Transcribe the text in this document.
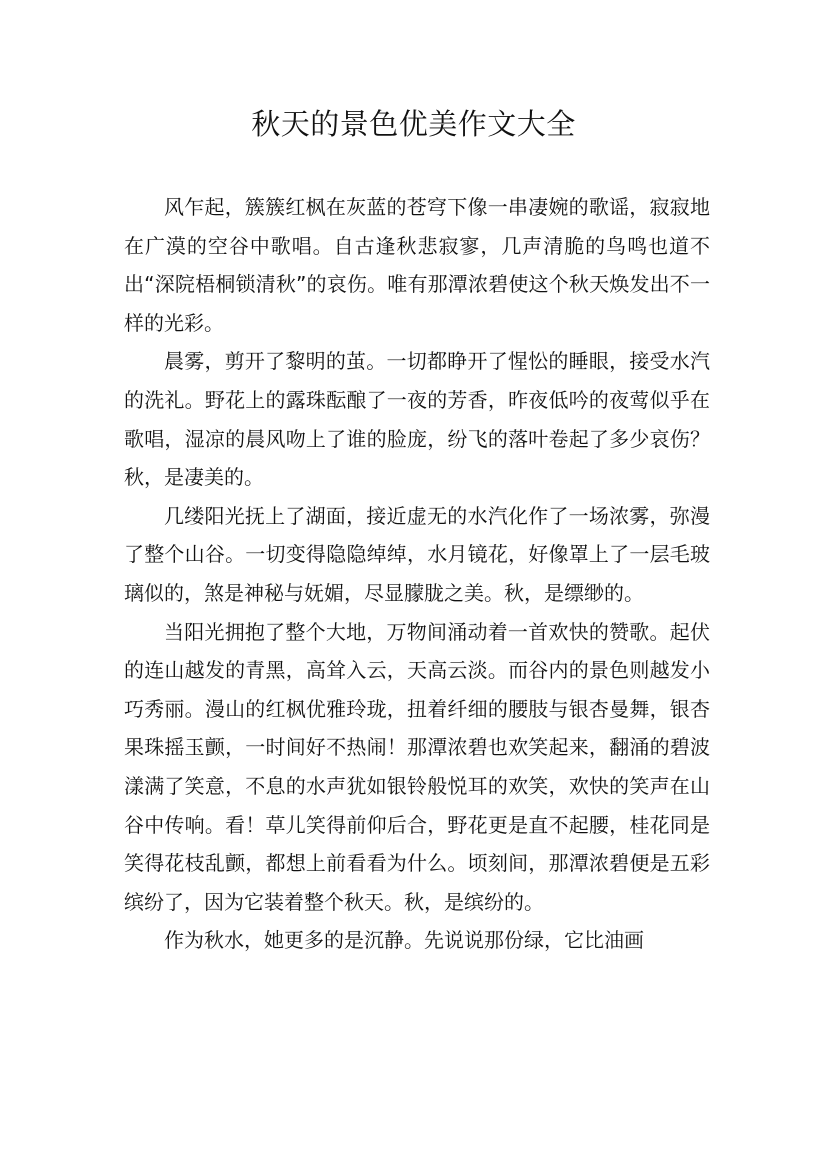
秋天的景色优美作文大全

风乍起，簇簇红枫在灰蓝的苍穹下像一串凄婉的歌谣，寂寂地在广漠的空谷中歌唱。自古逢秋悲寂寥，几声清脆的鸟鸣也道不出“深院梧桐锁清秋”的哀伤。唯有那潭浓碧使这个秋天焕发出不一样的光彩。

晨雾，剪开了黎明的茧。一切都睁开了惺忪的睡眼，接受水汽的洗礼。野花上的露珠酝酿了一夜的芳香，昨夜低吟的夜莺似乎在歌唱，湿凉的晨风吻上了谁的脸庞，纷飞的落叶卷起了多少哀伤？秋，是凄美的。

几缕阳光抚上了湖面，接近虚无的水汽化作了一场浓雾，弥漫了整个山谷。一切变得隐隐绰绰，水月镜花，好像罩上了一层毛玻璃似的，煞是神秘与妩媚，尽显朦胧之美。秋，是缥缈的。

当阳光拥抱了整个大地，万物间涌动着一首欢快的赞歌。起伏的连山越发的青黑，高耸入云，天高云淡。而谷内的景色则越发小巧秀丽。漫山的红枫优雅玲珑，扭着纤细的腰肢与银杏曼舞，银杏果珠摇玉颤，一时间好不热闹！那潭浓碧也欢笑起来，翻涌的碧波漾满了笑意，不息的水声犹如银铃般悦耳的欢笑，欢快的笑声在山谷中传响。看！草儿笑得前仰后合，野花更是直不起腰，桂花同是笑得花枝乱颤，都想上前看看为什么。顷刻间，那潭浓碧便是五彩缤纷了，因为它装着整个秋天。秋，是缤纷的。

作为秋水，她更多的是沉静。先说说那份绿，它比油画
